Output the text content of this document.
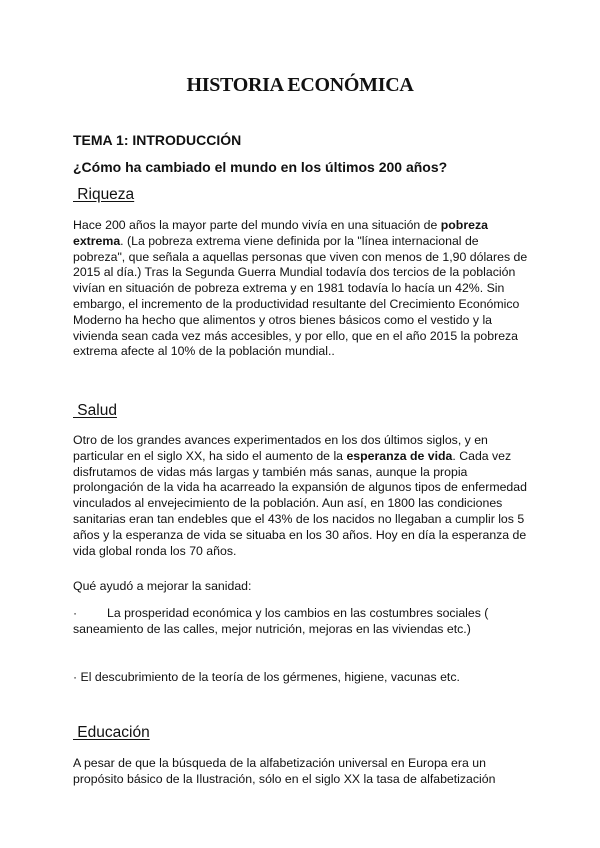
HISTORIA ECONÓMICA
TEMA 1: INTRODUCCIÓN
¿Cómo ha cambiado el mundo en los últimos 200 años?
Riqueza
Hace 200 años la mayor parte del mundo vivía en una situación de pobreza extrema. (La pobreza extrema viene definida por la "línea internacional de pobreza", que señala a aquellas personas que viven con menos de 1,90 dólares de 2015 al día.) Tras la Segunda Guerra Mundial todavía dos tercios de la población vivían en situación de pobreza extrema y en 1981 todavía lo hacía un 42%. Sin embargo, el incremento de la productividad resultante del Crecimiento Económico Moderno ha hecho que alimentos y otros bienes básicos como el vestido y la vivienda sean cada vez más accesibles, y por ello, que en el año 2015 la pobreza extrema afecte al 10% de la población mundial..
Salud
Otro de los grandes avances experimentados en los dos últimos siglos, y en particular en el siglo XX, ha sido el aumento de la esperanza de vida. Cada vez disfrutamos de vidas más largas y también más sanas, aunque la propia prolongación de la vida ha acarreado la expansión de algunos tipos de enfermedad vinculados al envejecimiento de la población. Aun así, en 1800 las condiciones sanitarias eran tan endebles que el 43% de los nacidos no llegaban a cumplir los 5 años y la esperanza de vida se situaba en los 30 años. Hoy en día la esperanza de vida global ronda los 70 años.
Qué ayudó a mejorar la sanidad:
· La prosperidad económica y los cambios en las costumbres sociales ( saneamiento de las calles, mejor nutrición, mejoras en las viviendas etc.)
· El descubrimiento de la teoría de los gérmenes, higiene, vacunas etc.
Educación
A pesar de que la búsqueda de la alfabetización universal en Europa era un propósito básico de la Ilustración, sólo en el siglo XX la tasa de alfabetización
